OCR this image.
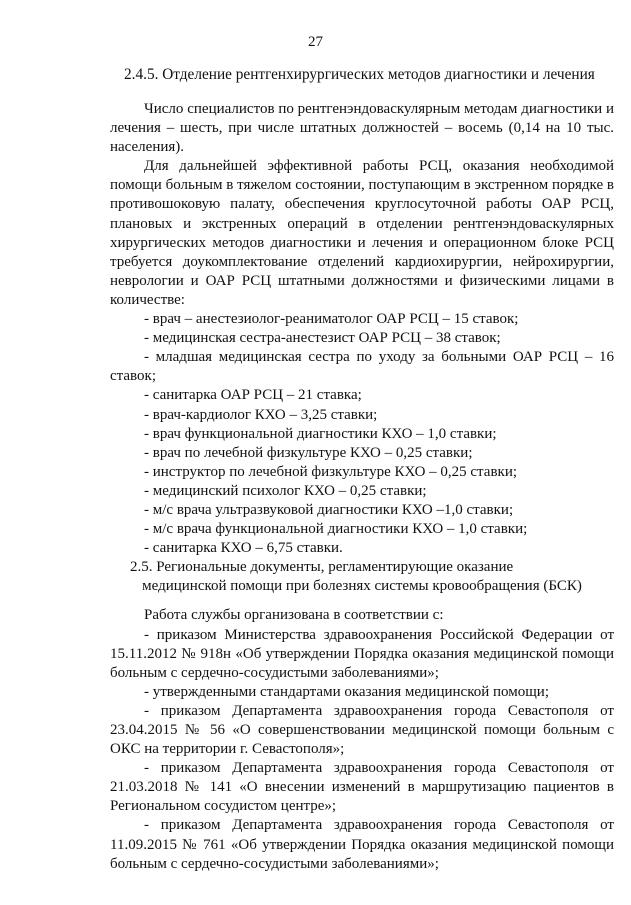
27
2.4.5. Отделение рентгенхирургических методов диагностики и лечения

Число специалистов по рентгенэндоваскулярным методам диагностики и лечения – шесть, при числе штатных должностей – восемь (0,14 на 10 тыс. населения).

Для дальнейшей эффективной работы РСЦ, оказания необходимой помощи больным в тяжелом состоянии, поступающим в экстренном порядке в противошоковую палату, обеспечения круглосуточной работы ОАР РСЦ, плановых и экстренных операций в отделении рентгенэндоваскулярных хирургических методов диагностики и лечения и операционном блоке РСЦ требуется доукомплектование отделений кардиохирургии, нейрохирургии, неврологии и ОАР РСЦ штатными должностями и физическими лицами в количестве:

- врач – анестезиолог-реаниматолог ОАР РСЦ – 15 ставок;

- медицинская сестра-анестезист ОАР РСЦ – 38 ставок;

- младшая медицинская сестра по уходу за больными ОАР РСЦ – 16 ставок;

- санитарка ОАР РСЦ – 21 ставка;

- врач-кардиолог КХО – 3,25 ставки;

- врач функциональной диагностики КХО – 1,0 ставки;

- врач по лечебной физкультуре КХО – 0,25 ставки;

- инструктор по лечебной физкультуре КХО – 0,25 ставки;

- медицинский психолог КХО – 0,25 ставки;

- м/с врача ультразвуковой диагностики КХО –1,0 ставки;

- м/с врача функциональной диагностики КХО – 1,0 ставки;

- санитарка КХО – 6,75 ставки.

2.5. Региональные документы, регламентирующие оказание

медицинской помощи при болезнях системы кровообращения (БСК)

Работа службы организована в соответствии с:

- приказом Министерства здравоохранения Российской Федерации от 15.11.2012 № 918н «Об утверждении Порядка оказания медицинской помощи больным с сердечно-сосудистыми заболеваниями»;

- утвержденными стандартами оказания медицинской помощи;

- приказом Департамента здравоохранения города Севастополя от 23.04.2015 № 56 «О совершенствовании медицинской помощи больным с ОКС на территории г. Севастополя»;

- приказом Департамента здравоохранения города Севастополя от 21.03.2018 № 141 «О внесении изменений в маршрутизацию пациентов в Региональном сосудистом центре»;

- приказом Департамента здравоохранения города Севастополя от 11.09.2015 № 761 «Об утверждении Порядка оказания медицинской помощи больным с сердечно-сосудистыми заболеваниями»;
